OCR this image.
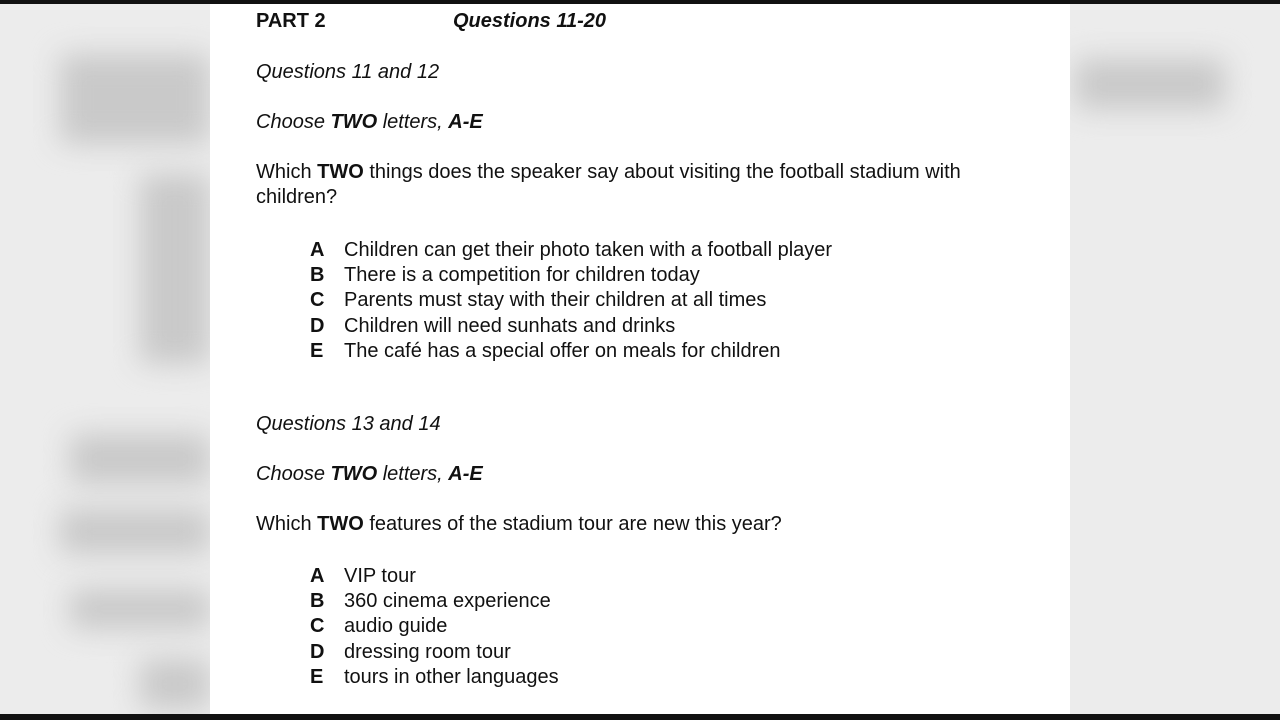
PART 2	Questions 11-20
Questions 11 and 12
Choose TWO letters, A-E
Which TWO things does the speaker say about visiting the football stadium with children?
A Children can get their photo taken with a football player
B There is a competition for children today
C Parents must stay with their children at all times
D Children will need sunhats and drinks
E The café has a special offer on meals for children
Questions 13 and 14
Choose TWO letters, A-E
Which TWO features of the stadium tour are new this year?
A VIP tour
B 360 cinema experience
C audio guide
D dressing room tour
E tours in other languages
